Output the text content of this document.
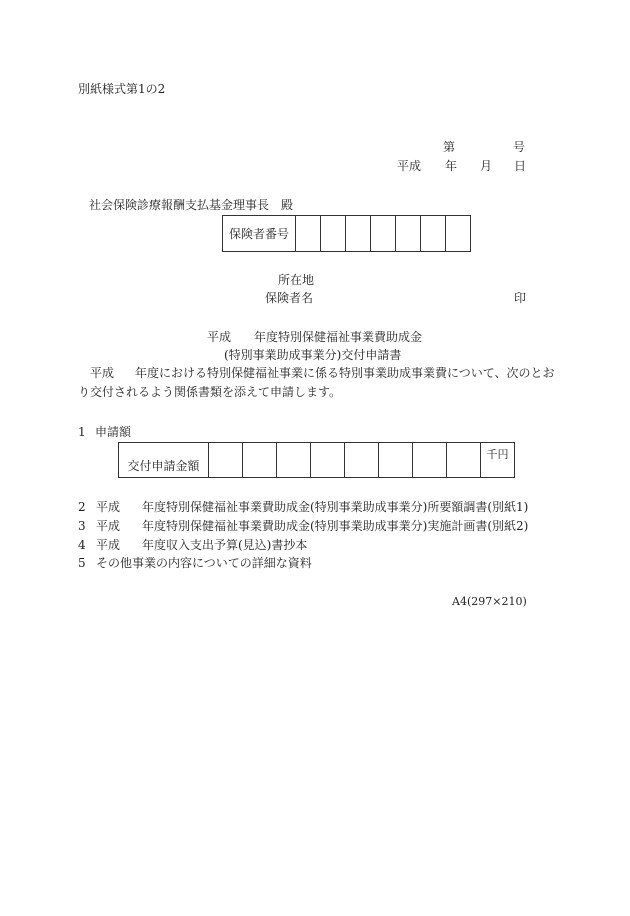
別紙様式第1の2
第	号
平成 年 月 日
社会保険診療報酬支払基金理事長　殿
保険者番号							
所在地
保険者名	印
平成 年度特別保健福祉事業費助成金
(特別事業助成事業分)交付申請書
平成 年度における特別保健福祉事業に係る特別事業助成事業費について、次のとお
り交付されるよう関係書類を添えて申請します。
1 申請額
交付申請金額									千円
2 平成 年度特別保健福祉事業費助成金(特別事業助成事業分)所要額調書(別紙1)
3 平成 年度特別保健福祉事業費助成金(特別事業助成事業分)実施計画書(別紙2)
4 平成 年度収入支出予算(見込)書抄本
5 その他事業の内容についての詳細な資料
A4(297×210)
